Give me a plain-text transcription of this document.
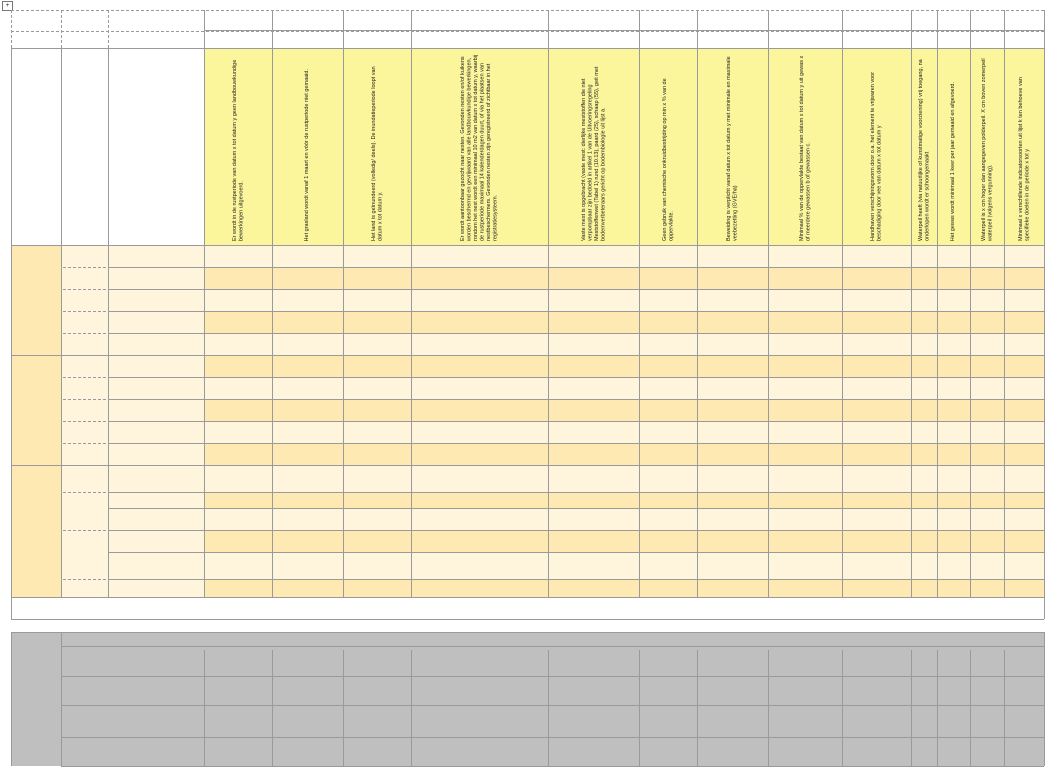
+
Er wordt in de rustperiode van datum x tot datum y geen landbouwkundige bewerkingen uitgevoerd.	Het grasland wordt vanaf 1 maart en vóór de rustperiode niet gemaaid.	Het land is geïnundeerd (volledig/ deels). De inundatieperiode loopt van datum x tot datum y.	Er wordt aantoonbaar gezocht naar nesten. Gevonden nesten en/of kuikens worden beschermd en gevrijwaard van alle landbouwkundige bewerkingen, rondom het nest wordt een minimaal 10 m2 van datum x tot datum y, waarbij de rustperiode maximaal 14 kalenderdagen duurt, of via het plaatsen van nestbeschermers. Gevonden nesten zijn geregistreerd of zichtbaar in het registratiesysteem.	Vaste mest is opgebracht (vaste mest: dierlijke meststoffen die niet verpompbaar zijn bedoeld in artikel 1 van de Uitvoeringsregeling Meststoffenwet (Tabel 1) rund (10.13), paard (25), schaap (55), geit met bodemverbeteraars gericht op bodembiologie uit lijst a.	Geen gebruik van chemische onkruidbestrijding op min x % van de oppervlakte.	Beweiding is verplicht vanaf datum x tot datum y met minimale en maximale veebezetting (GVE/ha)	Minimaal % van de oppervlakte bestaat van datum x tot datum y uit gewas x of meerdere gewassen b of gewassen c.	Handhaven verschijningsvorm door o.a. het element te vrijwaren voor beschadiging door vee van datum x tot datum y	Waterpeil heeft (via natuurlijke of kunstmatige voorziening) vrij toegang, na onderlopen wordt er schoongemaakt	Het gewas wordt minimaal 1 keer per jaar gemaaid en afgevoerd.	Waterpeil is x cm hoger dan aangegeven polderpeil. X cm boven zomerpeil waterpeil (volgens vergunning).	Minimaal x verschillende indicatorsoorten uit lijst k ten behoeve van specifieke doelen in de periode x tot y
